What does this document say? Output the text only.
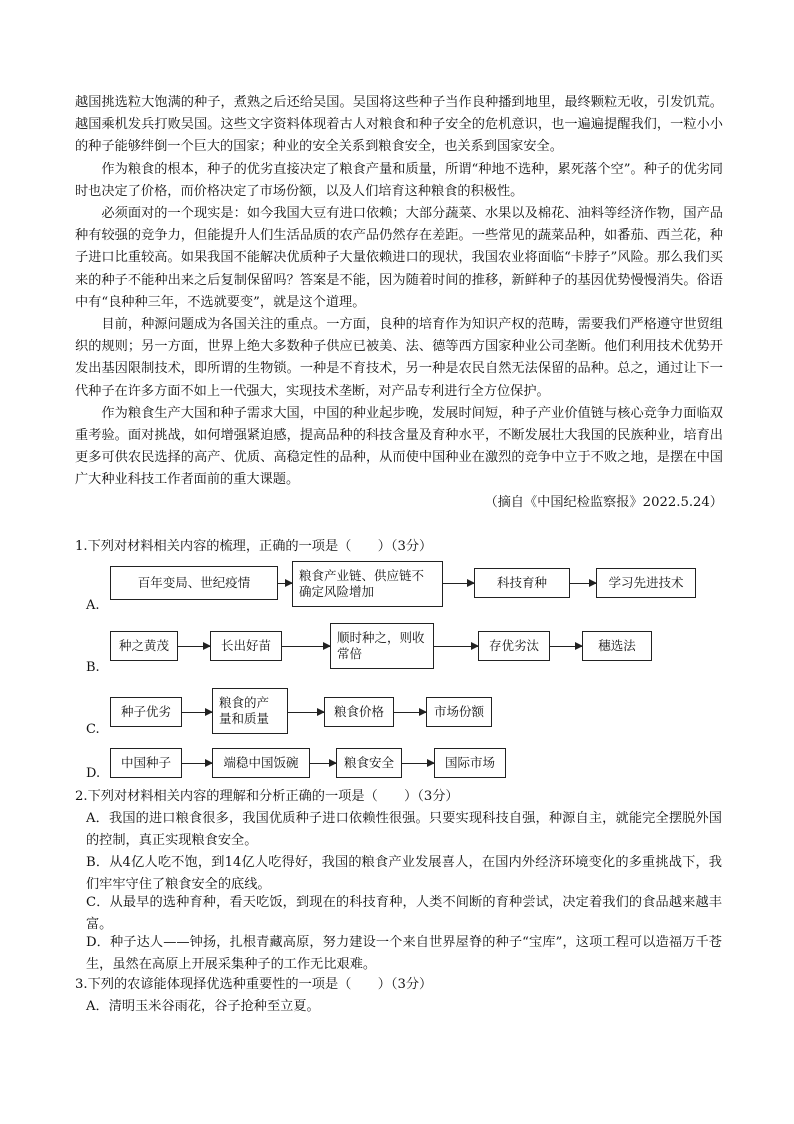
越国挑选粒大饱满的种子，煮熟之后还给吴国。吴国将这些种子当作良种播到地里，最终颗粒无收，引发饥荒。越国乘机发兵打败吴国。这些文字资料体现着古人对粮食和种子安全的危机意识，也一遍遍提醒我们，一粒小小的种子能够绊倒一个巨大的国家；种业的安全关系到粮食安全，也关系到国家安全。

作为粮食的根本，种子的优劣直接决定了粮食产量和质量，所谓“种地不选种，累死落个空”。种子的优劣同时也决定了价格，而价格决定了市场份额，以及人们培育这种粮食的积极性。

必须面对的一个现实是：如今我国大豆有进口依赖；大部分蔬菜、水果以及棉花、油料等经济作物，国产品种有较强的竞争力，但能提升人们生活品质的农产品仍然存在差距。一些常见的蔬菜品种，如番茄、西兰花，种子进口比重较高。如果我国不能解决优质种子大量依赖进口的现状，我国农业将面临“卡脖子”风险。那么我们买来的种子不能种出来之后复制保留吗？答案是不能，因为随着时间的推移，新鲜种子的基因优势慢慢消失。俗语中有“良种种三年，不选就要变”，就是这个道理。

目前，种源问题成为各国关注的重点。一方面，良种的培育作为知识产权的范畴，需要我们严格遵守世贸组织的规则；另一方面，世界上绝大多数种子供应已被美、法、德等西方国家种业公司垄断。他们利用技术优势开发出基因限制技术，即所谓的生物锁。一种是不育技术，另一种是农民自然无法保留的品种。总之，通过让下一代种子在许多方面不如上一代强大，实现技术垄断，对产品专利进行全方位保护。

作为粮食生产大国和种子需求大国，中国的种业起步晚，发展时间短，种子产业价值链与核心竞争力面临双重考验。面对挑战，如何增强紧迫感，提高品种的科技含量及育种水平，不断发展壮大我国的民族种业，培育出更多可供农民选择的高产、优质、高稳定性的品种，从而使中国种业在激烈的竞争中立于不败之地，是摆在中国广大种业科技工作者面前的重大课题。

（摘自《中国纪检监察报》2022.5.24）

1.下列对材料相关内容的梳理，正确的一项是（　　）（3分）
百年变局、世纪疫情	粮食产业链、供应链不确定风险增加
科技育种	学习先进技术
A.
种之黄茂	长出好苗
顺时种之，则收常倍
存优劣汰	穗选法
B.
种子优劣
粮食的产量和质量	粮食价格	市场份额
C.
中国种子	端稳中国饭碗	粮食安全	国际市场
D.
2.下列对材料相关内容的理解和分析正确的一项是（　　）（3分）
A．我国的进口粮食很多，我国优质种子进口依赖性很强。只要实现科技自强，种源自主，就能完全摆脱外国的控制，真正实现粮食安全。
B．从4亿人吃不饱，到14亿人吃得好，我国的粮食产业发展喜人，在国内外经济环境变化的多重挑战下，我们牢牢守住了粮食安全的底线。
C．从最早的选种育种，看天吃饭，到现在的科技育种，人类不间断的育种尝试，决定着我们的食品越来越丰富。
D．种子达人——钟扬，扎根青藏高原，努力建设一个来自世界屋脊的种子“宝库”，这项工程可以造福万千苍生，虽然在高原上开展采集种子的工作无比艰难。
3.下列的农谚能体现择优选种重要性的一项是（　　）（3分）
A．清明玉米谷雨花，谷子抢种至立夏。
